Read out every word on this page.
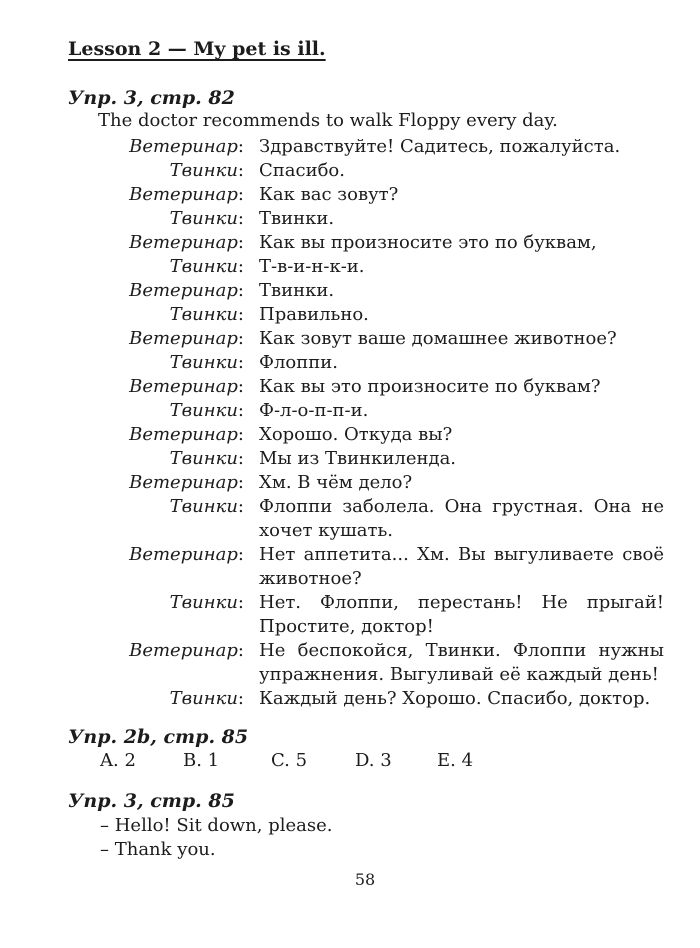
Lesson 2 — My pet is ill.
Упр. 3, стр. 82
The doctor recommends to walk Floppy every day.
Ветеринар: Здравствуйте! Садитесь, пожалуйста.
Твинки: Спасибо.
Ветеринар: Как вас зовут?
Твинки: Твинки.
Ветеринар: Как вы произносите это по буквам,
Твинки: Т-в-и-н-к-и.
Ветеринар: Твинки.
Твинки: Правильно.
Ветеринар: Как зовут ваше домашнее животное?
Твинки: Флоппи.
Ветеринар: Как вы это произносите по буквам?
Твинки: Ф-л-о-п-п-и.
Ветеринар: Хорошо. Откуда вы?
Твинки: Мы из Твинкиленда.
Ветеринар: Хм. В чём дело?
Твинки: Флоппи заболела. Она грустная. Она не хочет кушать.
Ветеринар: Нет аппетита... Хм. Вы выгуливаете своё животное?
Твинки: Нет. Флоппи, перестань! Не прыгай! Простите, доктор!
Ветеринар: Не беспокойся, Твинки. Флоппи нужны упражнения. Выгуливай её каждый день!
Твинки: Каждый день? Хорошо. Спасибо, доктор.
Упр. 2b, стр. 85
A. 2	B. 1	C. 5	D. 3	E. 4
Упр. 3, стр. 85
– Hello! Sit down, please.
– Thank you.
58
